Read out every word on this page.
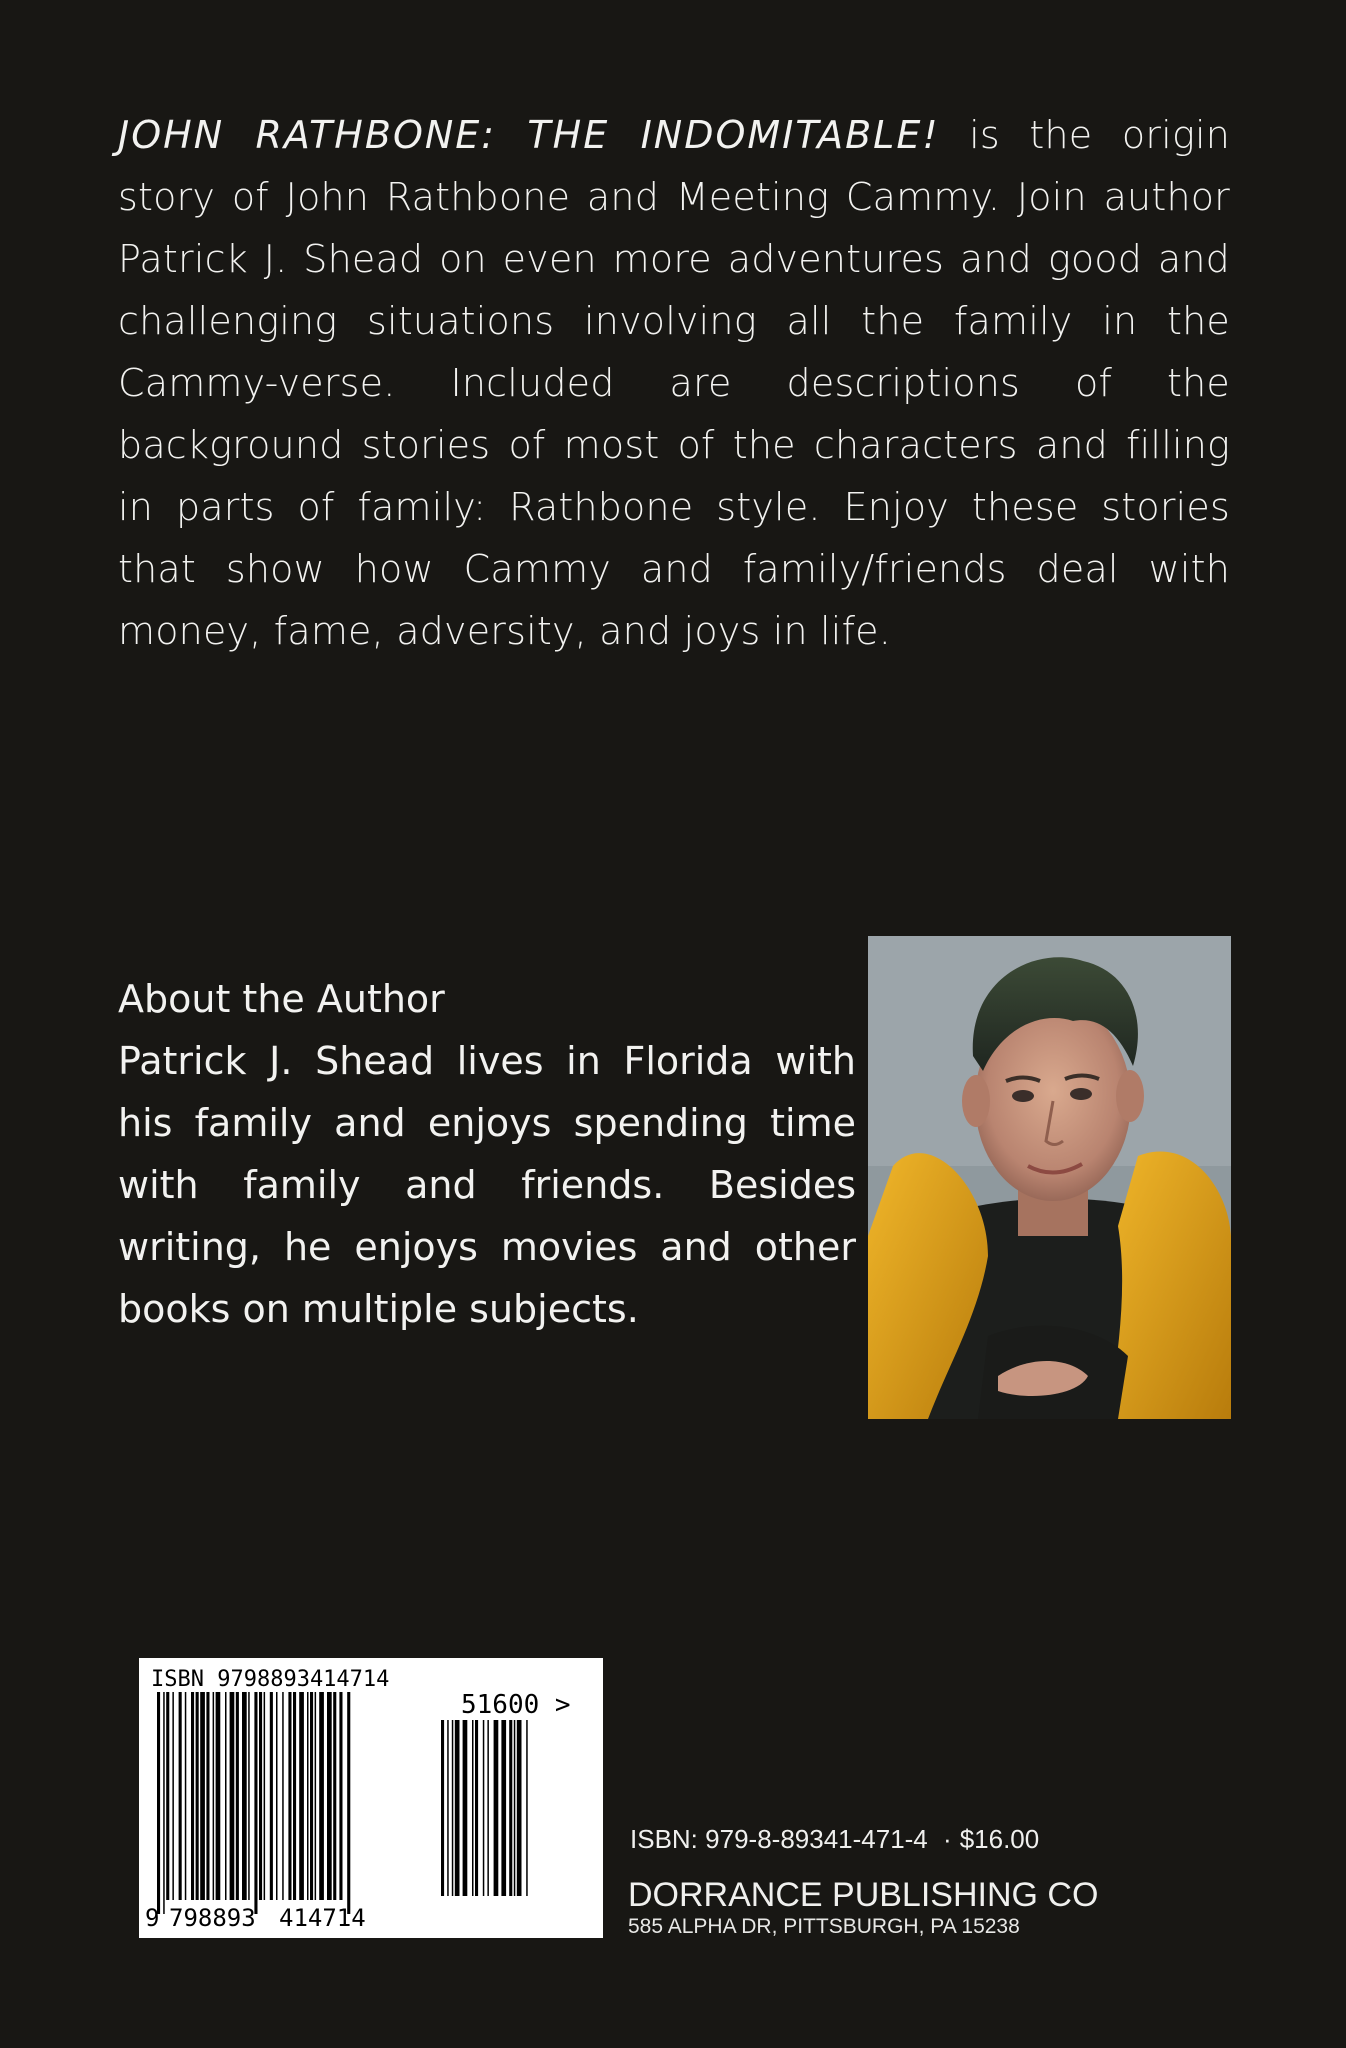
JOHN RATHBONE: THE INDOMITABLE! is the origin story of John Rathbone and Meeting Cammy. Join author Patrick J. Shead on even more adventures and good and challenging situations involving all the family in the Cammy-verse. Included are descriptions of the background stories of most of the characters and filling in parts of family: Rathbone style. Enjoy these stories that show how Cammy and family/friends deal with money, fame, adversity, and joys in life.

About the Author
Patrick J. Shead lives in Florida with his family and enjoys spending time with family and friends. Besides writing, he enjoys movies and other books on multiple subjects.
ISBN 9798893414714
51600 >
9 798893 414714
ISBN: 979-8-89341-471-4 · $16.00
DORRANCE PUBLISHING CO
585 ALPHA DR, PITTSBURGH, PA 15238
